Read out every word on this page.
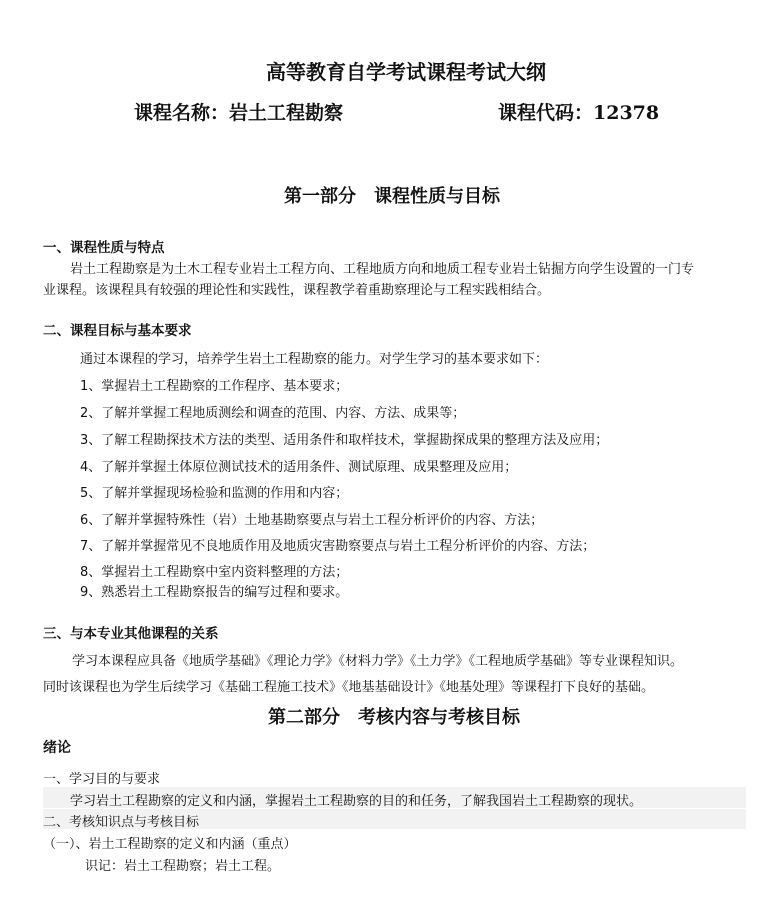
高等教育自学考试课程考试大纲
课程名称：岩土工程勘察	课程代码：12378
第一部分　课程性质与目标
一、课程性质与特点
岩土工程勘察是为土木工程专业岩土工程方向、工程地质方向和地质工程专业岩土钻掘方向学生设置的一门专
业课程。该课程具有较强的理论性和实践性，课程教学着重勘察理论与工程实践相结合。
二、课程目标与基本要求
通过本课程的学习，培养学生岩土工程勘察的能力。对学生学习的基本要求如下：
1、掌握岩土工程勘察的工作程序、基本要求；
2、了解并掌握工程地质测绘和调查的范围、内容、方法、成果等；
3、了解工程勘探技术方法的类型、适用条件和取样技术，掌握勘探成果的整理方法及应用；
4、了解并掌握土体原位测试技术的适用条件、测试原理、成果整理及应用；
5、了解并掌握现场检验和监测的作用和内容；
6、了解并掌握特殊性（岩）土地基勘察要点与岩土工程分析评价的内容、方法；
7、了解并掌握常见不良地质作用及地质灾害勘察要点与岩土工程分析评价的内容、方法；
8、掌握岩土工程勘察中室内资料整理的方法；
9、熟悉岩土工程勘察报告的编写过程和要求。
三、与本专业其他课程的关系
学习本课程应具备《地质学基础》《理论力学》《材料力学》《土力学》《工程地质学基础》等专业课程知识。
同时该课程也为学生后续学习《基础工程施工技术》《地基基础设计》《地基处理》等课程打下良好的基础。
第二部分　考核内容与考核目标
绪论
一、学习目的与要求
学习岩土工程勘察的定义和内涵，掌握岩土工程勘察的目的和任务，了解我国岩土工程勘察的现状。
二、考核知识点与考核目标
（一）、岩土工程勘察的定义和内涵（重点）
识记：岩土工程勘察；岩土工程。
